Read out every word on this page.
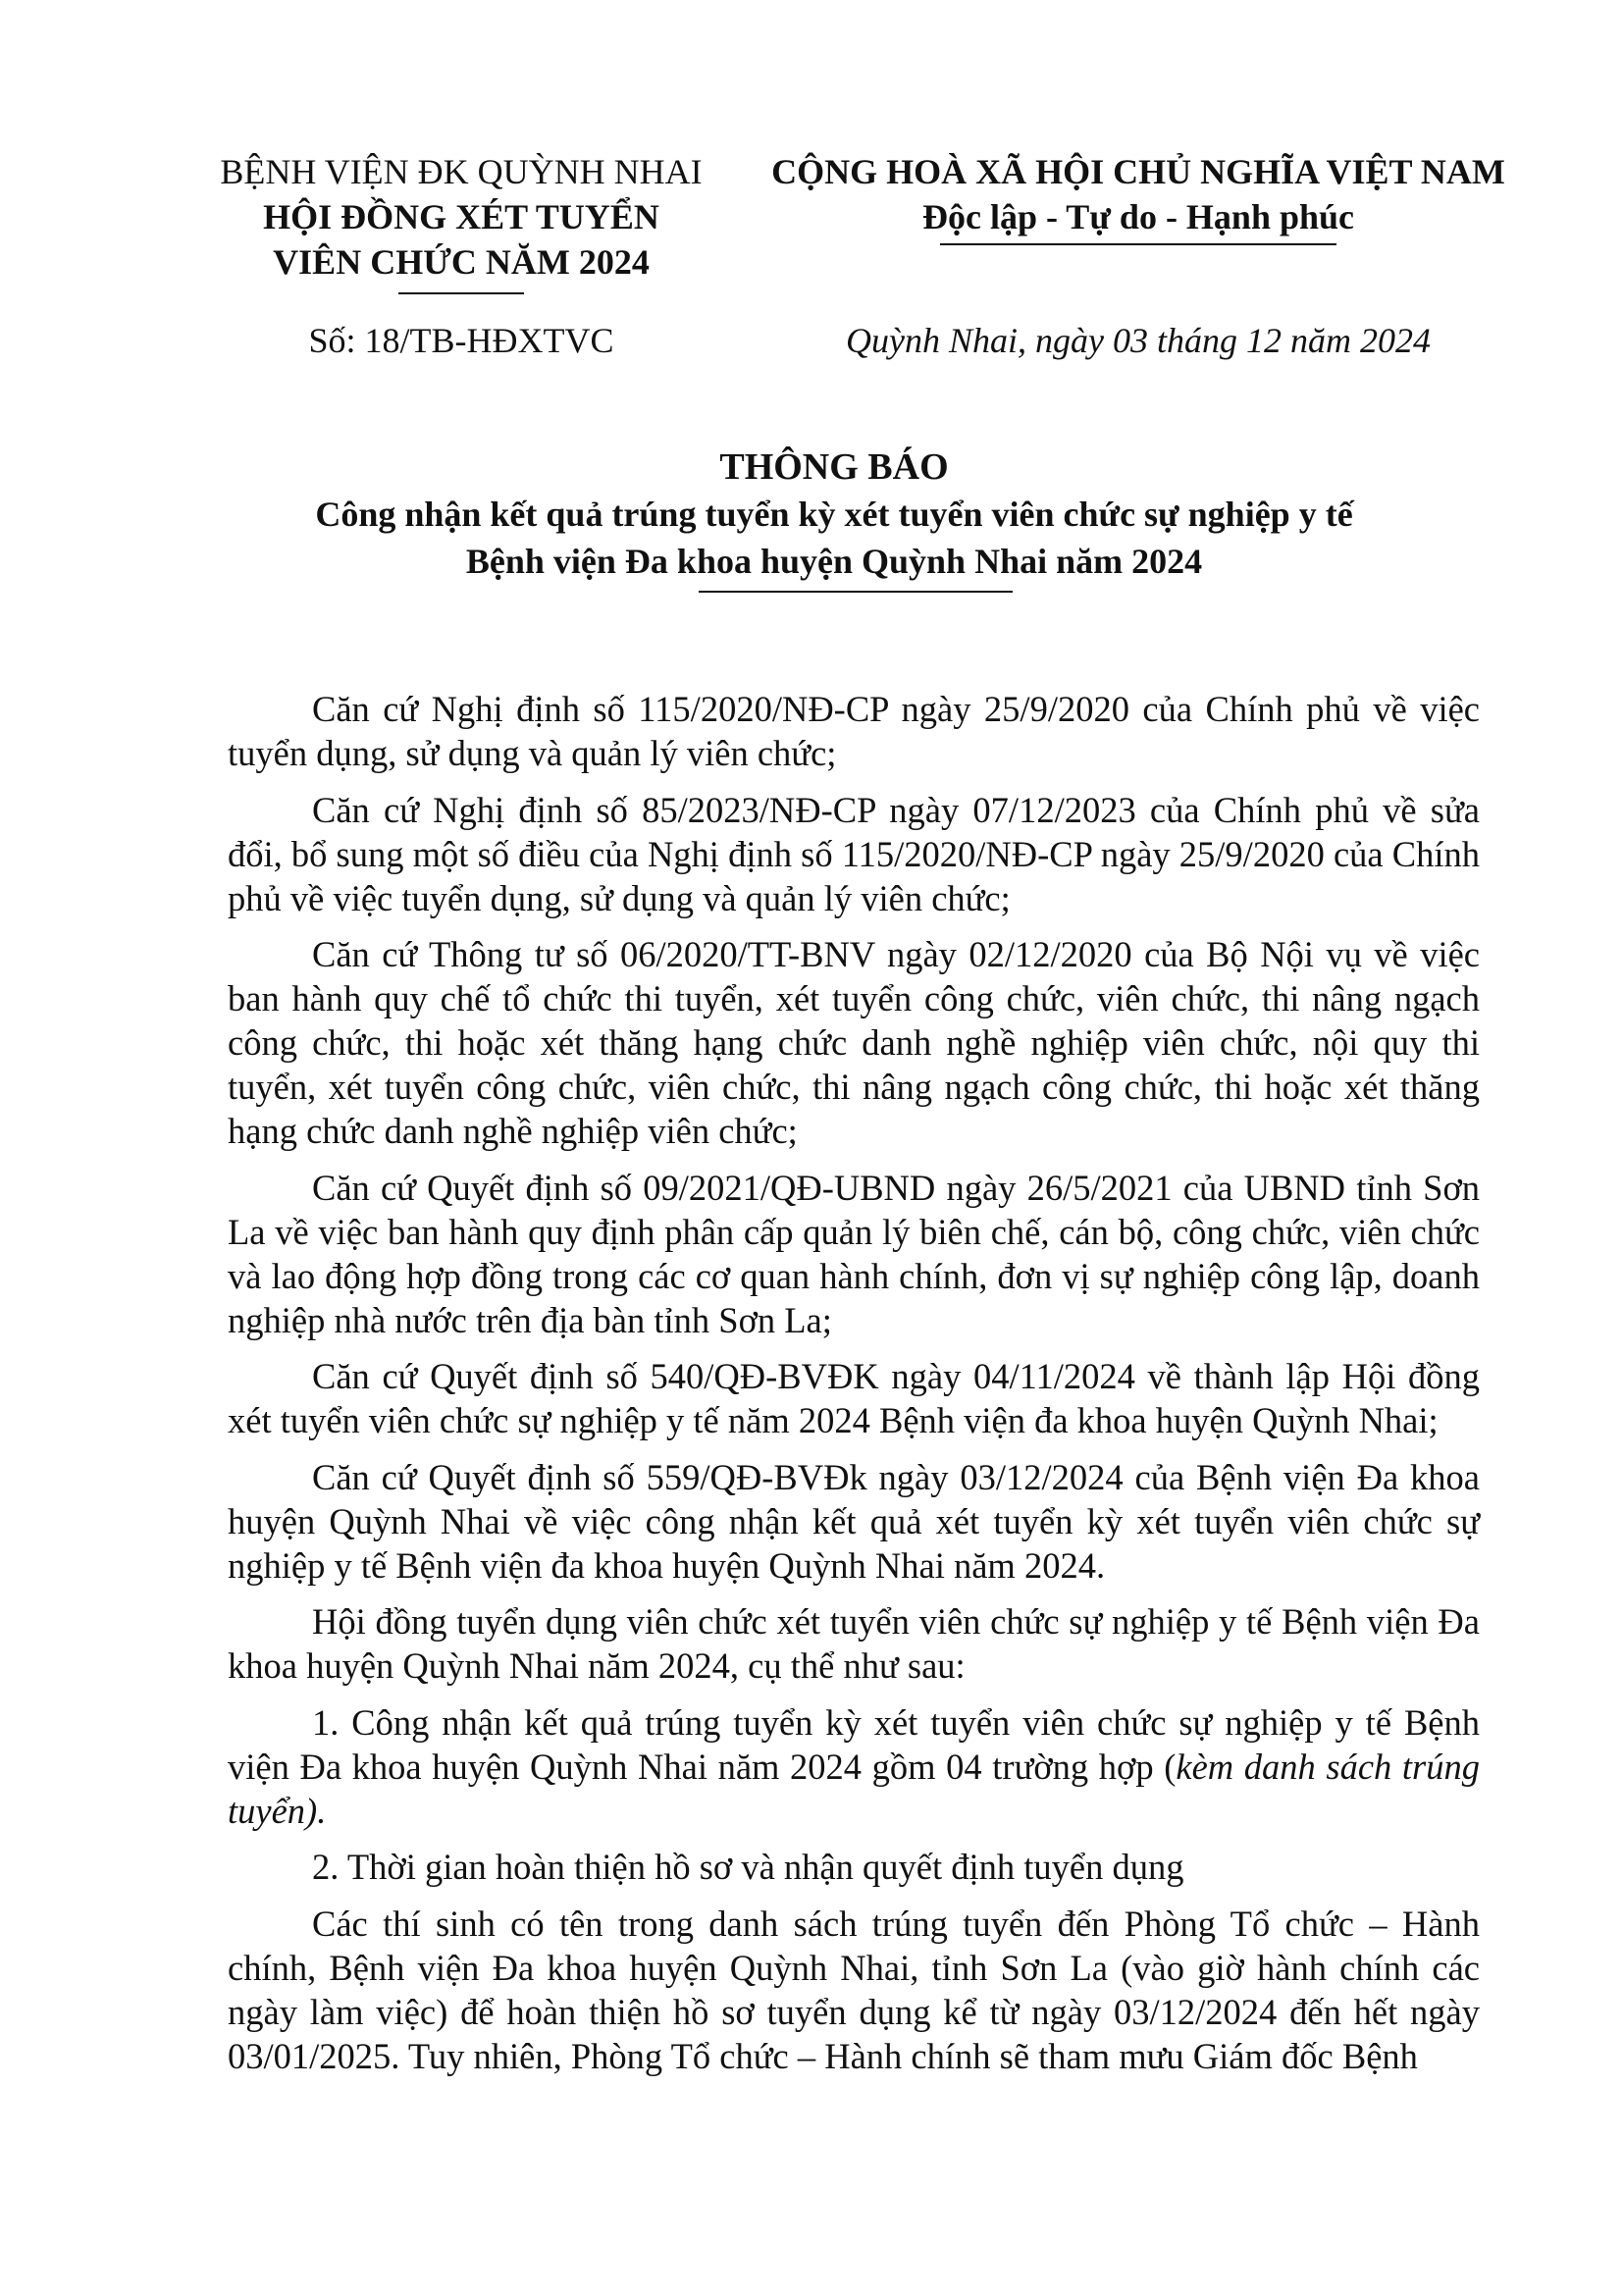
BỆNH VIỆN ĐK QUỲNH NHAI
HỘI ĐỒNG XÉT TUYỂN
VIÊN CHỨC NĂM 2024
CỘNG HOÀ XÃ HỘI CHỦ NGHĨA VIỆT NAM
Độc lập - Tự do - Hạnh phúc
Số: 18/TB-HĐXTVC	Quỳnh Nhai, ngày 03 tháng 12 năm 2024
THÔNG BÁO
Công nhận kết quả trúng tuyển kỳ xét tuyển viên chức sự nghiệp y tế
Bệnh viện Đa khoa huyện Quỳnh Nhai năm 2024

Căn cứ Nghị định số 115/2020/NĐ-CP ngày 25/9/2020 của Chính phủ về việc tuyển dụng, sử dụng và quản lý viên chức;

Căn cứ Nghị định số 85/2023/NĐ-CP ngày 07/12/2023 của Chính phủ về sửa đổi, bổ sung một số điều của Nghị định số 115/2020/NĐ-CP ngày 25/9/2020 của Chính phủ về việc tuyển dụng, sử dụng và quản lý viên chức;

Căn cứ Thông tư số 06/2020/TT-BNV ngày 02/12/2020 của Bộ Nội vụ về việc ban hành quy chế tổ chức thi tuyển, xét tuyển công chức, viên chức, thi nâng ngạch công chức, thi hoặc xét thăng hạng chức danh nghề nghiệp viên chức, nội quy thi tuyển, xét tuyển công chức, viên chức, thi nâng ngạch công chức, thi hoặc xét thăng hạng chức danh nghề nghiệp viên chức;

Căn cứ Quyết định số 09/2021/QĐ-UBND ngày 26/5/2021 của UBND tỉnh Sơn La về việc ban hành quy định phân cấp quản lý biên chế, cán bộ, công chức, viên chức và lao động hợp đồng trong các cơ quan hành chính, đơn vị sự nghiệp công lập, doanh nghiệp nhà nước trên địa bàn tỉnh Sơn La;

Căn cứ Quyết định số 540/QĐ-BVĐK ngày 04/11/2024 về thành lập Hội đồng xét tuyển viên chức sự nghiệp y tế năm 2024 Bệnh viện đa khoa huyện Quỳnh Nhai;

Căn cứ Quyết định số 559/QĐ-BVĐk ngày 03/12/2024 của Bệnh viện Đa khoa huyện Quỳnh Nhai về việc công nhận kết quả xét tuyển kỳ xét tuyển viên chức sự nghiệp y tế Bệnh viện đa khoa huyện Quỳnh Nhai năm 2024.

Hội đồng tuyển dụng viên chức xét tuyển viên chức sự nghiệp y tế Bệnh viện Đa khoa huyện Quỳnh Nhai năm 2024, cụ thể như sau:

1. Công nhận kết quả trúng tuyển kỳ xét tuyển viên chức sự nghiệp y tế Bệnh viện Đa khoa huyện Quỳnh Nhai năm 2024 gồm 04 trường hợp (kèm danh sách trúng tuyển).

2. Thời gian hoàn thiện hồ sơ và nhận quyết định tuyển dụng

Các thí sinh có tên trong danh sách trúng tuyển đến Phòng Tổ chức – Hành chính, Bệnh viện Đa khoa huyện Quỳnh Nhai, tỉnh Sơn La (vào giờ hành chính các ngày làm việc) để hoàn thiện hồ sơ tuyển dụng kể từ ngày 03/12/2024 đến hết ngày 03/01/2025. Tuy nhiên, Phòng Tổ chức – Hành chính sẽ tham mưu Giám đốc Bệnh
